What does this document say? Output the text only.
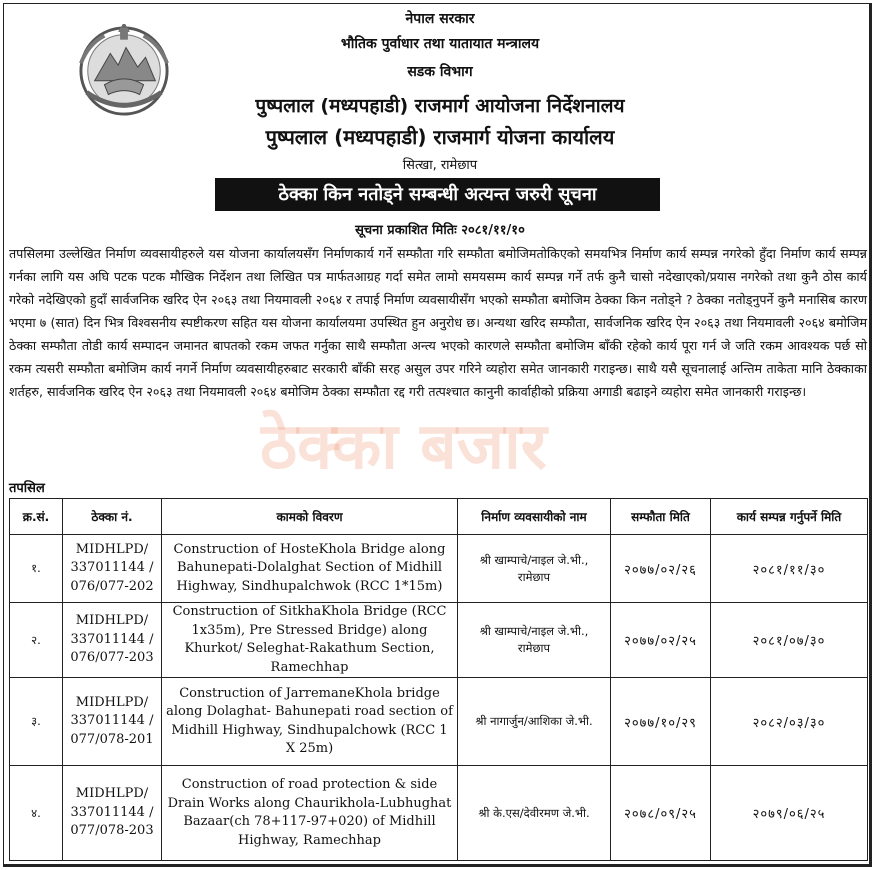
नेपाल सरकार
भौतिक पुर्वाधार तथा यातायात मन्त्रालय
सडक विभाग
पुष्पलाल (मध्यपहाडी) राजमार्ग आयोजना निर्देशनालय
पुष्पलाल (मध्यपहाडी) राजमार्ग योजना कार्यालय
सित्खा, रामेछाप
ठेक्का किन नतोड्ने सम्बन्धी अत्यन्त जरुरी सूचना
सूचना प्रकाशित मितिः २०८१/११/१०
तपसिलमा उल्लेखित निर्माण व्यवसायीहरुले यस योजना कार्यालयसँग निर्माणकार्य गर्ने सम्फौता गरि सम्फौता बमोजिमतोकिएको समयभित्र निर्माण कार्य सम्पन्न नगरेको हुँदा निर्माण कार्य सम्पन्न गर्नका लागि यस अघि पटक पटक मौखिक निर्देशन तथा लिखित पत्र मार्फतआग्रह गर्दा समेत लामो समयसम्म कार्य सम्पन्न गर्ने तर्फ कुनै चासो नदेखाएको/प्रयास नगरेको तथा कुनै ठोस कार्य गरेको नदेखिएको हुदाँ सार्वजनिक खरिद ऐन २०६३ तथा नियमावली २०६४ र तपाई निर्माण व्यवसायीसँग भएको सम्फौता बमोजिम ठेक्का किन नतोड्ने ? ठेक्का नतोड्नुपर्ने कुनै मनासिब कारण भएमा ७ (सात) दिन भित्र विश्वसनीय स्पष्टीकरण सहित यस योजना कार्यालयमा उपस्थित हुन अनुरोध छ। अन्यथा खरिद सम्फौता, सार्वजनिक खरिद ऐन २०६३ तथा नियमावली २०६४ बमोजिम ठेक्का सम्फौता तोडी कार्य सम्पादन जमानत बापतको रकम जफत गर्नुका साथै सम्फौता अन्त्य भएको कारणले सम्फौता बमोजिम बाँकी रहेको कार्य पूरा गर्न जे जति रकम आवश्यक पर्छ सो रकम त्यसरी सम्फौता बमोजिम कार्य नगर्ने निर्माण व्यवसायीहरुबाट सरकारी बाँकी सरह असुल उपर गरिने व्यहोरा समेत जानकारी गराइन्छ। साथै यसै सूचनालाई अन्तिम ताकेता मानि ठेक्काका शर्तहरु, सार्वजनिक खरिद ऐन २०६३ तथा नियमावली २०६४ बमोजिम ठेक्का सम्फौता रद्द गरी तत्पश्चात कानुनी कार्वाहीको प्रक्रिया अगाडी बढाइने व्यहोरा समेत जानकारी गराइन्छ।
ठेक्का बजार
तपसिल
क्र.सं.	ठेक्का नं.	कामको विवरण	निर्माण व्यवसायीको नाम	सम्फौता मिति	कार्य सम्पन्न गर्नुपर्ने मिति
१.	MIDHLPD/ 337011144 / 076/077-202	Construction of HosteKhola Bridge along Bahunepati-Dolalghat Section of Midhill Highway, Sindhupalchwok (RCC 1*15m)	श्री खाम्पाचे/नाइल जे.भी., रामेछाप	२०७७/०२/२६	२०८१/११/३०
२.	MIDHLPD/ 337011144 / 076/077-203	Construction of SitkhaKhola Bridge (RCC 1x35m), Pre Stressed Bridge) along Khurkot/ Seleghat-Rakathum Section, Ramechhap	श्री खाम्पाचे/नाइल जे.भी., रामेछाप	२०७७/०२/२५	२०८१/०७/३०
३.	MIDHLPD/ 337011144 / 077/078-201	Construction of JarremaneKhola bridge along Dolaghat- Bahunepati road section of Midhill Highway, Sindhupalchowk (RCC 1 X 25m)	श्री नागार्जुन/आशिका जे.भी.	२०७७/१०/२९	२०८२/०३/३०
४.	MIDHLPD/ 337011144 / 077/078-203	Construction of road protection & side Drain Works along Chaurikhola-Lubhughat Bazaar(ch 78+117-97+020) of Midhill Highway, Ramechhap	श्री के.एस/देवीरमण जे.भी.	२०७८/०९/२५	२०७९/०६/२५
